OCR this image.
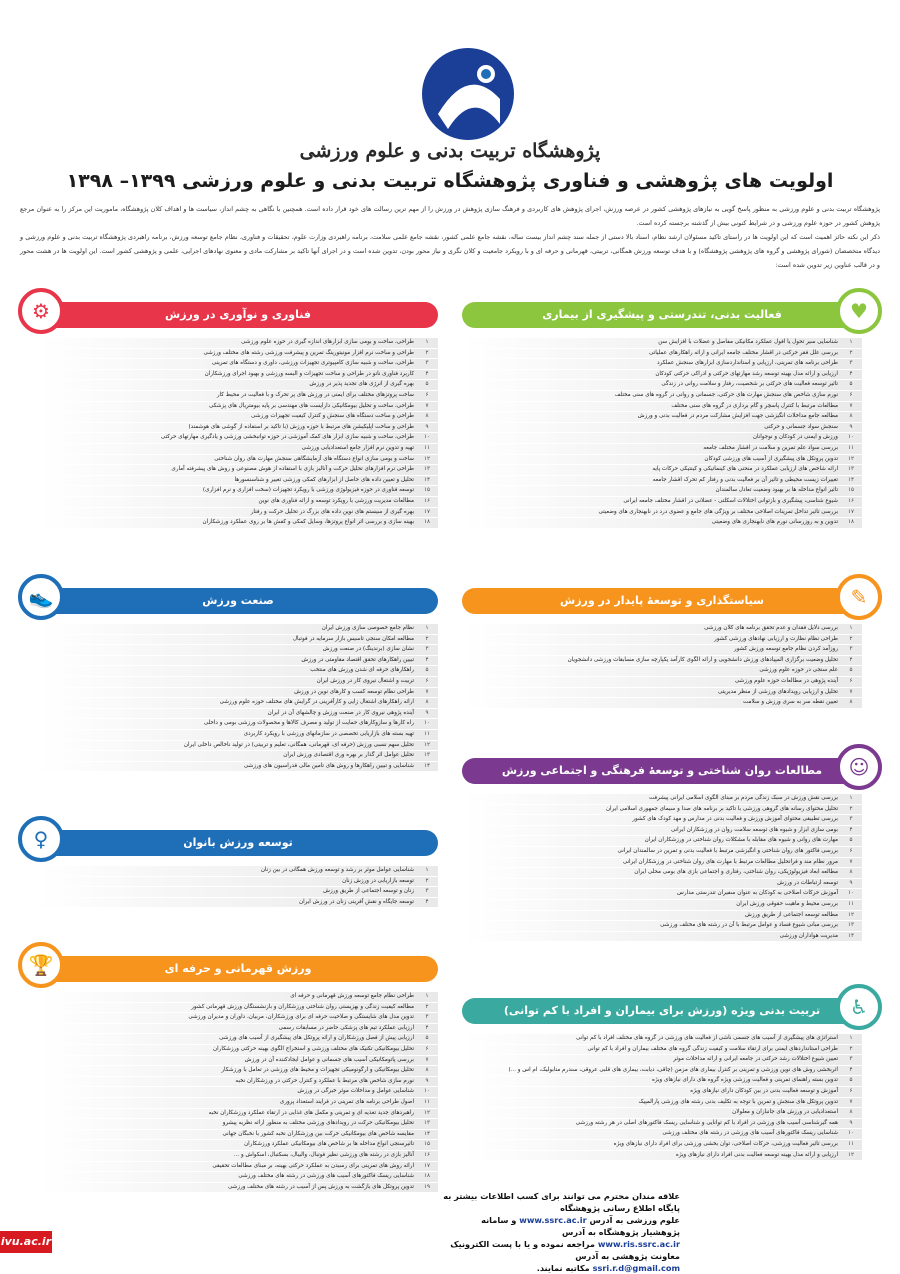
پژوهشگاه تربیت بدنی و علوم ورزشی
اولویت های پژوهشی و فناوری پژوهشگاه تربیت بدنی و علوم ورزشی ۱۳۹۹– ۱۳۹۸

پژوهشگاه تربیت بدنی و علوم ورزشی به منظور پاسخ گویی به نیازهای پژوهشی کشور در عرصه ورزش، اجرای پژوهش های کاربردی و فرهنگ سازی پژوهش در ورزش را از مهم ترین رسالت های خود قرار داده است. همچنین با نگاهی به چشم انداز، سیاست ها و اهداف کلان پژوهشگاه، ماموریت این مرکز را به عنوان مرجع پژوهش کشور در حوزه علوم ورزشی و در شرایط کنونی بیش از گذشته برجسته کرده است.

ذکر این نکته حائز اهمیت است که این اولویت ها در راستای تاکید مسئولان ارشد نظام، اسناد بالا دستی از جمله سند چشم انداز بیست ساله، نقشه جامع علمی کشور، نقشه جامع علمی سلامت، برنامه راهبردی وزارت علوم، تحقیقات و فناوری، نظام جامع توسعه ورزش، برنامه راهبردی پژوهشگاه تربیت بدنی و علوم ورزشی و دیدگاه متخصصان (شورای پژوهشی و گروه های پژوهشی پژوهشگاه) و با هدف توسعه ورزش همگانی، تربیتی، قهرمانی و حرفه ای و با رویکرد جامعیت و کلان نگری و نیاز محور بودن، تدوین شده است و در اجرای آنها تاکید بر مشارکت مادی و معنوی نهادهای اجرایی، علمی و پژوهشی کشور است. این اولویت ها در هشت محور و در قالب عناوین زیر تدوین شده است:

فعالیت بدنی، تندرستی و پیشگیری از بیماری	♥
۱
شناسایی سیر تحول یا افول عملکرد مکانیکی مفاصل و عضلات با افزایش سن
۲
بررسی علل فقر حرکتی در اقشار مختلف جامعه ایرانی و ارائه راهکارهای عملیاتی
۳
طراحی برنامه های تمرینی، ارزیابی و استانداردسازی ابزارهای سنجش عملکرد
۴
ارزیابی و ارائه مدل بهینه توسعه رشد مهارتهای حرکتی و ادراکی حرکتی کودکان
۵
تاثیر توسعه فعالیت های حرکتی بر شخصیت، رفتار و سلامت روانی در زندگی
۶
نورم سازی شاخص های سنجش مهارت های حرکتی، جسمانی و روانی در گروه های سنی مختلف
۷
مطالعات مرتبط با کنترل پاسچر و گام برداری در گروه های سنی مختلف
۸
مطالعه جامع مداخلات انگیزشی جهت افزایش مشارکت مردم در فعالیت بدنی و ورزش
۹
سنجش سواد جسمانی و حرکتی
۱۰
ورزش و ایمنی در کودکان و نوجوانان
۱۱
بررسی سواد علم تمرین و سلامت در اقشار مختلف جامعه
۱۲
تدوین پروتکل های پیشگیری از آسیب های ورزشی کودکان
۱۳
ارائه شاخص های ارزیابی عملکرد در منحنی های کینماتیکی و کینتیکی حرکات پایه
۱۴
تغییرات زیست محیطی و تاثیر آن بر فعالیت بدنی و رفتار کم تحرک اقشار جامعه
۱۵
تاثیر انواع مداخله ها بر بهبود وضعیت تعادل سالمندان
۱۶
شیوع شناسی، پیشگیری و بازتوانی اختلالات اسکلتی - عضلانی در اقشار مختلف جامعه ایرانی
۱۷
بررسی تاثیر تداخل تمرینات اصلاحی مختلف بر ویژگی های جامع و عضوی درد در نابهنجاری های وضعیتی
۱۸
تدوین و به روزرسانی نورم های نابهنجاری های وضعیتی
فناوری و نوآوری در ورزش
⚙
۱
طراحی، ساخت و بومی سازی ابزارهای اندازه گیری در حوزه علوم ورزشی
۲
طراحی و ساخت نرم افزار مونیتورینگ تمرین و پیشرفت ورزشی رشته های مختلف ورزشی
۳
طراحی، ساخت و شبیه سازی کامپیوتری تجهیزات ورزشی، داوری و دستگاه های تمرینی
۴
کاربرد فناوری نانو در طراحی و ساخت تجهیزات و البسه ورزشی و بهبود اجرای ورزشکاران
۵
بهره گیری از انرژی های تجدید پذیر در ورزش
۶
ساخت پروتزهای مختلف برای ایمنی در ورزش های پر تحرک و با فعالیت در محیط کار
۷
طراحی، ساخت و تحلیل بیومکانیکی دارایست های مهندسی بر پایه بیومتریال های پزشکی
۸
طراحی و ساخت دستگاه های سنجش و کنترل کیفیت تجهیزات ورزشی
۹
طراحی و ساخت اپلیکیشن های مرتبط با حوزه ورزش (با تاکید بر استفاده از گوشی های هوشمند)
۱۰
طراحی، ساخت و شبیه سازی ابزار های کمک آموزشی در حوزه توانبخشی ورزشی و یادگیری مهارتهای حرکتی
۱۱
تهیه و تدوین نرم افزار جامع استعدادیابی ورزشی
۱۲
ساخت و بومی سازی انواع دستگاه های آزمایشگاهی سنجش مهارت های روان شناختی
۱۳
طراحی نرم افزارهای تحلیل حرکت و آنالیز بازی با استفاده از هوش مصنوعی و روش های پیشرفته آماری
۱۴
تحلیل و تعیین داده های حاصل از ابزارهای کمکی ورزشی تغییر و شناسنسورها
۱۵
توسعه فناوری در حوزه فیزیولوژی ورزشی با رویکرد تجهیزات (سخت افزاری و نرم افزاری)
۱۶
مطالعات مدیریت ورزشی با رویکرد توسعه و ارائه فناوری های نوین
۱۷
بهره گیری از سیستم های نوین داده های بزرگ در تحلیل حرکت و رفتار
۱۸
بهینه سازی و بررسی اثر انواع پروتزها، وسایل کمکی و کفش ها بر روی عملکرد ورزشکاران
سیاستگذاری و توسعهٔ پایدار در ورزش	✎
۱
بررسی دلایل فقدان و عدم تحقق برنامه های کلان ورزشی
۲
طراحی نظام نظارت و ارزیابی نهادهای ورزشی کشور
۳
روزآمد کردن نظام جامع توسعه ورزش کشور
۴
تحلیل وضعیت برگزاری المپیادهای ورزش دانشجویی و ارائه الگوی کارآمد یکپارچه سازی مسابقات ورزشی دانشجویان
۵
علم سنجی در حوزه علوم ورزشی
۶
آینده پژوهی در مطالعات حوزه علوم ورزشی
۷
تحلیل و ارزیابی رویدادهای ورزشی از منظر مدیریتی
۸
تعیین نقطه سر به سری ورزش و سلامت
صنعت ورزش
👟
۱
نظام جامع خصوصی سازی ورزش ایران
۲
مطالعه امکان سنجی تاسیس بازار سرمایه در فوتبال
۳
نشان سازی (برندینگ) در صنعت ورزش
۴
تبیین راهکارهای تحقق اقتصاد مقاومتی در ورزش
۵
راهکارهای حرفه ای شدن ورزش های منتخب
۶
تربیت و اشتغال نیروی کار در ورزش ایران
۷
طراحی نظام توسعه کسب و کارهای نوین در ورزش
۸
ارائه راهکارهای اشتغال زایی و کارآفرینی در گرایش های مختلف حوزه علوم ورزشی
۹
آینده پژوهی نیروی کار در صنعت ورزش و چالشهای آن در ایران
۱۰
راه کارها و سازوکارهای حمایت از تولید و مصرف کالاها و محصولات ورزشی بومی و داخلی
۱۱
تهیه بسته های بازاریابی تخصصی در سازمانهای ورزشی با رویکرد کاربردی
۱۲
تحلیل سهم نسبی ورزش (حرفه ای، قهرمانی، همگانی، تعلیم و تربیتی) در تولید ناخالص داخلی ایران
۱۳
تحلیل عوامل اثر گذار بر بهره وری اقتصادی ورزش ایران
۱۴
شناسایی و تبیین راهکارها و روش های تامین مالی فدراسیون های ورزشی	مطالعات روان شناختی و توسعهٔ فرهنگی و اجتماعی ورزش	☺
۱
بررسی نقش ورزش در سبک زندگی مردم بر مبنای الگوی اسلامی ایرانی پیشرفت
۲
تحلیل محتوای رسانه های گروهی ورزشی با تاکید بر برنامه های صدا و سیمای جمهوری اسلامی ایران
۳
بررسی تطبیقی محتوای آموزش ورزش و فعالیت بدنی در مدارس و مهد کودک های کشور
۴
بومی سازی ابزار و شیوه های توسعه سلامت روان در ورزشکاران ایرانی
۵
مهارت های روانی و شیوه های مقابله با مشکلات روان شناختی در ورزشکاران ایران
۶
بررسی فاکتور های روان شناختی و انگیزشی مرتبط با فعالیت بدنی و تمرین در سالمندان ایرانی
۷
مرور نظام مند و فراتحلیل مطالعات مرتبط با مهارت های روان شناختی در ورزشکاران ایرانی
۸
مطالعه ابعاد فیزیولوژیکی، روان شناختی، رفتاری و اجتماعی بازی های بومی محلی ایران
۹
توسعه ارتباطات در ورزش
۱۰
آموزش حرکات اصلاحی به کودکان به عنوان سفیران تندرستی مدارس
۱۱
بررسی محیط و ماهیت حقوقی ورزش ایران
۱۲
مطالعه توسعه اجتماعی از طریق ورزش
۱۳
بررسی مبانی شیوع فساد و عوامل مرتبط با آن در رشته های مختلف ورزشی
۱۴
مدیریت هواداران ورزشی
توسعه ورزش بانوان
♀
۱
شناسایی عوامل موثر بر رشد و توسعه ورزش همگانی در بین زنان
۲
توسعه بازاریابی در ورزش زنان
۳
زنان و توسعه اجتماعی از طریق ورزش
۴
توسعه جایگاه و نقش آفرینی زنان در ورزش ایران
ورزش قهرمانی و حرفه ای
🏆
۱
طراحی نظام جامع توسعه ورزش قهرمانی و حرفه ای
۲
مطالعه کیفیت زندگی و بهزیستی روان شناختی ورزشکاران و بازنشستگان ورزش قهرمانی کشور
۳
تدوین مدل های شایستگی و صلاحیت حرفه ای برای ورزشکاران، مربیان، داوران و مدیران ورزشی
۴
ارزیابی عملکرد تیم های پزشکی حاضر در مسابقات رسمی
۵
ارزیابی پیش از فصل ورزشکاران و ارائه پروتکل های پیشگیری از آسیب های ورزشی
۶
تحلیل بیومکانیکی تکنیک های مختلف ورزشی و استخراج الگوی بهینه حرکتی ورزشکاران
۷
بررسی پاتومکانیکی آسیب های جسمانی و عوامل ایجادکننده آن در ورزش
۸
تحلیل بیومکانیکی و ارگونومیکی تجهیزات و محیط های ورزشی در تعامل با ورزشکار
۹
نورم سازی شاخص های مرتبط با عملکرد و کنترل حرکتی در ورزشکاران نخبه
۱۰
شناسایی عوامل و مداخلات موثر خبرگی در ورزش
۱۱
اصول طراحی برنامه های تمرینی در فرایند استعداد پروری
۱۲
راهبردهای جدید تغذیه ای و تمرینی و مکمل های غذایی در ارتقاء عملکرد ورزشکاران نخبه
۱۳
تحلیل بیومکانیکی حرکت در رویدادهای ورزشی مختلف به منظور ارائه نظریه پیشرو
۱۴
مقایسه شاخص های بیومکانیکی حرکت بین ورزشکاران نخبه کشور با نخبگان جهانی
۱۵
تاثیرسنجی انواع مداخله ها بر شاخص های بیومکانیکی عملکرد ورزشکاران
۱۶
آنالیز بازی در رشته های ورزشی نظیر فوتبال، والیبال، بسکتبال، اسکواش و ...
۱۷
ارائه روش های تمرینی برای رسیدن به عملکرد حرکتی بهینه، بر مبنای مطالعات تحقیقی
۱۸
شناسایی ریسک فاکتورهای آسیب های ورزشی در رشته های مختلف ورزشی
۱۹
تدوین پروتکل های بازگشت به ورزش پس از آسیب در رشته های مختلف ورزشی
تربیت بدنی ویژه (ورزش برای بیماران و افراد با کم توانی)	♿
۱
استراتژی های پیشگیری از آسیب های جسمی ناشی از فعالیت های ورزشی در گروه های مختلف افراد با کم توانی
۲
طراحی استانداردهای ایمنی برای ارتقاء سلامت و کیفیت زندگی گروه های مختلف بیماران و افراد با کم توانی
۳
تعیین شیوع اختلالات رشد حرکتی در جامعه ایرانی و ارائه مداخلات موثر
۴
اثربخشی روش های نوین ورزشی و تمرینی بر کنترل بیماری های مزمن (چاقی، دیابت، بیماری های قلبی عروقی، سندرم متابولیک، ام اس و ...)
۵
تدوین بسته راهنمای تمرینی و فعالیت ورزشی ویژه گروه های دارای نیازهای ویژه
۶
آموزش و توسعه فعالیت بدنی در بین کودکان دارای نیازهای ویژه
۷
تدوین پروتکل های سنجش و تمرین با توجه به تکلیف بدنی رشته های ورزشی پارالمپیک
۸
استعدادیابی در ورزش های جانبازان و معلولان
۹
همه گیرشناسی آسیب های ورزشی در افراد با کم توانایی و شناسایی ریسک فاکتورهای اصلی در هر رشته ورزشی
۱۰
شناسایی ریسک فاکتورهای آسیب های ورزشی در رشته های مختلف ورزشی
۱۱
بررسی تاثیر فعالیت ورزشی، حرکات اصلاحی، توان بخشی ورزشی برای افراد دارای نیازهای ویژه
۱۲
ارزیابی و ارائه مدل بهینه توسعه فعالیت بدنی افراد دارای نیازهای ویژه
علاقه مندان محترم می توانند برای کسب اطلاعات بیشتر به پایگاه اطلاع رسانی پژوهشگاه
علوم ورزشی به آدرس www.ssrc.ac.ir و سامانه پژوهشیار پژوهشگاه به آدرس
www.ris.ssrc.ac.ir مراجعه نموده و یا با پست الکترونیک معاونت پژوهشی به آدرس
ssri.r.d@gmail.com مکاتبه نمایند.
ivu.ac.ir
